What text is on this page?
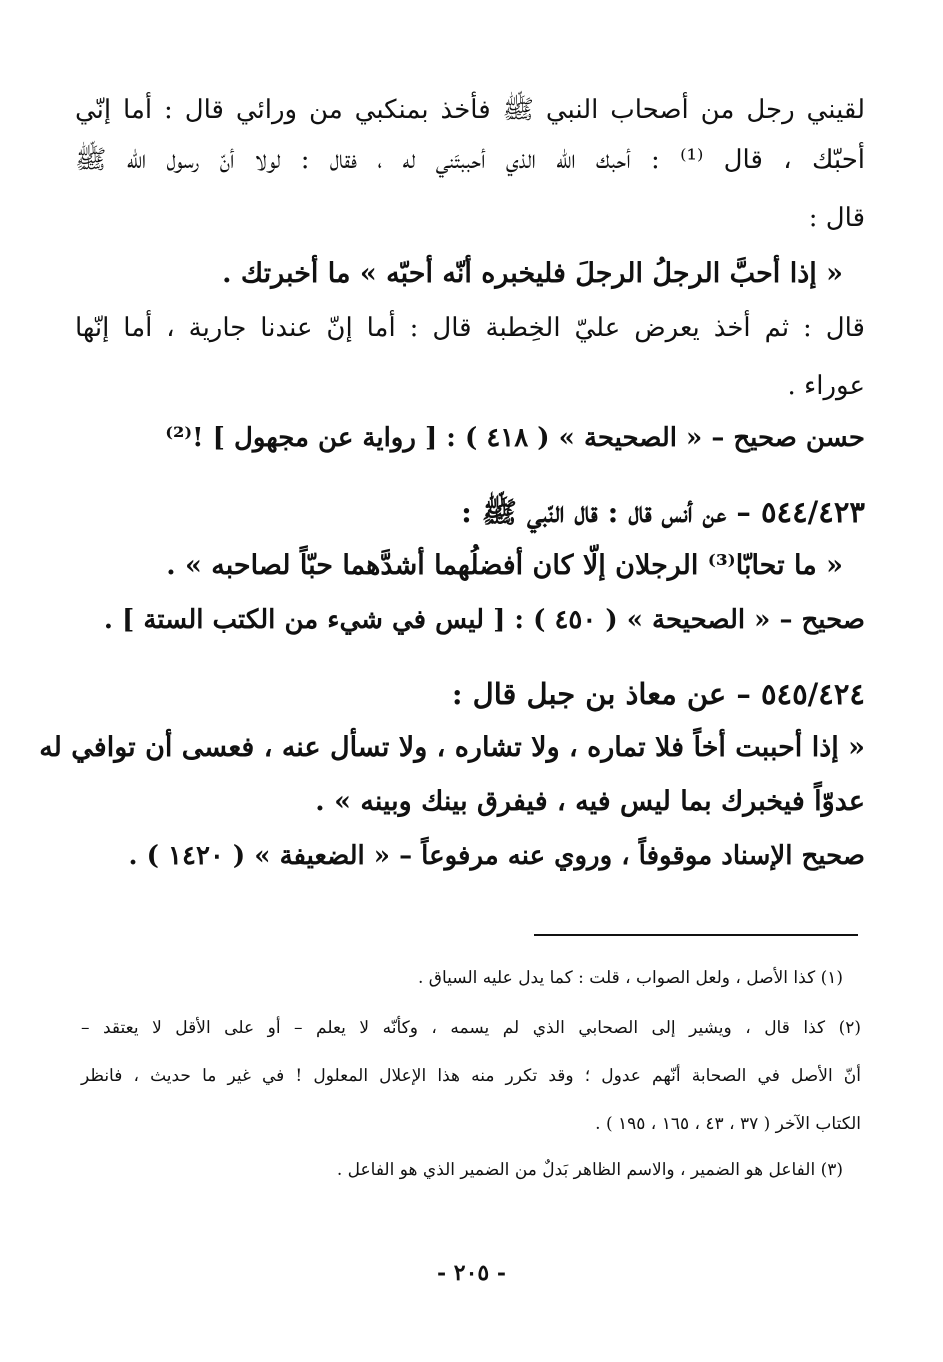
لقيني رجل من أصحاب النبي ﷺ فأخذ بمنكبي من ورائي قال : أما إنّي
أحبّك ، قال ⁽¹⁾ : أحبك الله الذي أحببتَني له ، فقال : لولا أنّ رسول الله ﷺ
قال :
« إذا أحبَّ الرجلُ الرجلَ فليخبره أنّه أحبّه » ما أخبرتك .
قال : ثم أخذ يعرض عليّ الخِطبة قال : أما إنّ عندنا جارية ، أما إنّها
عوراء .
حسن صحيح – « الصحيحة » ( ٤١٨ ) : [ رواية عن مجهول ] !⁽²⁾
٥٤٤/٤٢٣ – عن أنس قال : قال النّبي ﷺ :
« ما تحابّا⁽³⁾ الرجلان إلّا كان أفضلُهما أشدَّهما حبّاً لصاحبه » .
صحيح – « الصحيحة » ( ٤٥٠ ) : [ ليس في شيء من الكتب الستة ] .
٥٤٥/٤٢٤ – عن معاذ بن جبل قال :
« إذا أحببت أخاً فلا تماره ، ولا تشاره ، ولا تسأل عنه ، فعسى أن توافي له
عدوّاً فيخبرك بما ليس فيه ، فيفرق بينك وبينه » .
صحيح الإسناد موقوفاً ، وروي عنه مرفوعاً – « الضعيفة » ( ١٤٢٠ ) .
(١) كذا الأصل ، ولعل الصواب ، قلت : كما يدل عليه السياق .
(٢) كذا قال ، ويشير إلى الصحابي الذي لم يسمه ، وكأنّه لا يعلم – أو على الأقل لا يعتقد –
أنّ الأصل في الصحابة أنّهم عدول ؛ وقد تكرر منه هذا الإعلال المعلول ! في غير ما حديث ، فانظر
الكتاب الآخر ( ٣٧ ، ٤٣ ، ١٦٥ ، ١٩٥ ) .
(٣) الفاعل هو الضمير ، والاسم الظاهر بَدلٌ من الضمير الذي هو الفاعل .
- ٢٠٥ -
